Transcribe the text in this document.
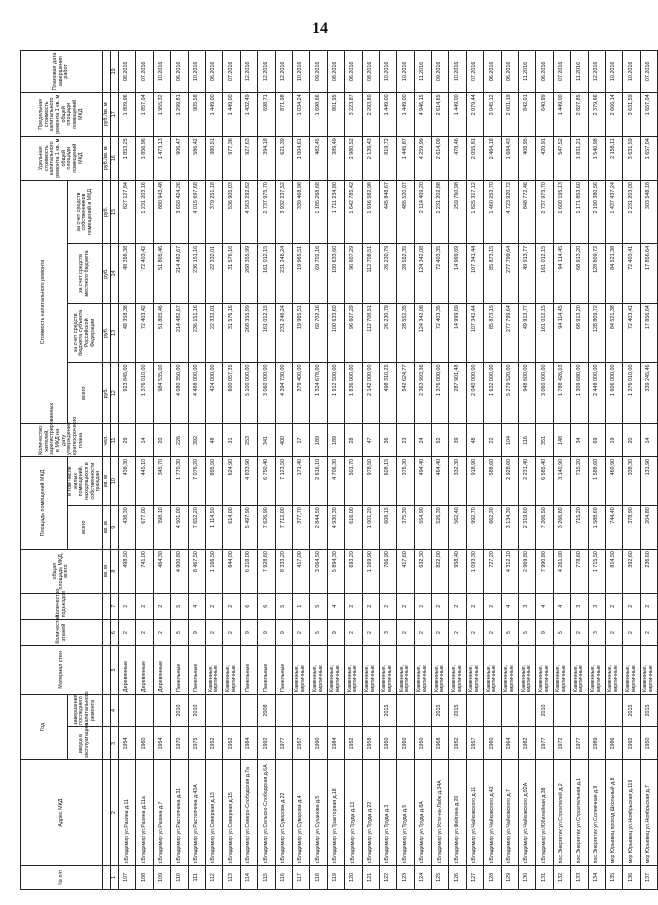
14
№ п/п	Адрес МКД	Год		Материал стен	Количество этажей	Количество подъездов	общая площадь МКД, всего	Площадь помещений МКД		Количество жителей, зарегистрированных в МКД на дату утверждения краткосрочного плана	Стоимость капитального ремонта				Удельная стоимость капитального ремонта 1 кв. м общей площади помещений МКД	Предельная стоимость капитального ремонта 1 кв. м общей площади помещений МКД	Плановая дата завершения работ
		ввода в эксплуатацию	завершения последнего капитального ремонта					всего	в том числе жилых помещений, находящихся в собственности граждан		всего	за счет средств бюджета субъекта Российской Федерации	за счет средств местного бюджета	за счет средств собственников помещений в МКД			
							кв. м	кв. м	кв. м	чел.	руб.	руб.	руб.	руб.	руб./кв. м	руб./кв. м	
1	2	3	4	5	6	7	8	9	10	11	12	13	14	15	16	17	19
107	г.Владимир ул.Разина д.11	1954		Деревянные	2	2	498,50	438,30	438,30	29	923 845,00	48 358,38	48 358,38	827 127,84	1 853,25	1 809,96	08.2016
108	г.Владимир ул.Разина д.11а	1960		Деревянные	2	2	741,00	677,00	445,10	14	1 376 010,00	72 403,42	72 403,42	1 231 203,16	1 856,96	1 857,04	07.2016
109	г.Владимир ул.Разина д.7	1954		Деревянные	2	2	464,30	398,10	345,70	20	984 535,00	51 805,46	51 805,46	880 943,48	1 473,13	1 955,32	10.2016
110	г.Владимир ул.Растопчина д.31	1970	2010	Панельные	5	5	4 900,80	4 501,00	1 770,30	226	4 080 350,00	214 482,67	214 482,67	3 650 424,26	906,47	1 299,81	06.2016
111	г.Владимир ул.Растопчина д.43А	1975	2010	Панельные	9	4	8 467,50	7 652,20	7 076,20	392	4 488 000,00	236 151,16	236 151,16	4 015 697,68	586,42	905,58	10.2016
112	г.Владимир ул.Северная д.13	1952		Каменные, кирпичные	2	2	1 166,50	1 114,50	895,50	48	424 000,00	22 332,01	22 332,01	379 251,18	380,51	1 449,00	06.2016
113	г.Владимир ул.Северная д.15	1952		Каменные, кирпичные	2	2	644,00	614,00	624,90	31	600 057,35	31 576,16	31 576,16	536 905,03	977,36	1 449,00	07.2016
114	г.Владимир ул.Северо-Слободская д.7а	1984		Панельные	9	6	6 218,00	5 497,90	4 833,90	253	5 100 000,00	268 355,99	268 355,99	4 563 292,82	927,63	1 432,49	12.2016
115	г.Владимир ул.Сельско-Слободская д.6А	1992	2008	Панельные	9	6	7 928,60	7 626,90	6 750,40	341	3 060 000,00	161 012,15	161 012,15	2 737 975,70	394,18	698,71	12.2016
116	г.Владимир ул.Суворова д.22	1977		Панельные	9	5	8 333,20	7 712,00	7 123,50	400	4 394 730,00	231 246,24	231 246,24	3 932 237,52	621,39	871,98	12.2016
117	г.Владимир ул.Суворова д.4	1957		Каменные, кирпичные	2	1	417,00	377,70	171,40	17	379 400,00	19 965,51	19 965,51	339 468,98	1 004,61	1 034,24	10.2016
118	г.Владимир ул.Суханова д.5	1990		Каменные, кирпичные	5	5	3 064,50	2 844,50	2 616,10	189	1 324 678,00	69 702,16	69 702,16	1 185 268,68	482,45	1 698,66	09.2016
119	г.Владимир ул.Тракторная д.18	1984		Каменные, кирпичные	9	4	5 894,30	4 930,30	4 706,30	189	1 912 500,00	100 633,60	100 633,60	1 711 234,80	389,49	801,95	08.2016
120	г.Владимир ул.Труда д.13	1952		Каменные, кирпичные	2	2	693,20	616,00	501,70	28	1 836 000,00	96 607,29	96 607,29	1 642 785,42	2 980,52	3 223,87	06.2016
121	г.Владимир ул.Труда д.22	1958		Каменные, кирпичные	2	2	1 169,90	1 001,20	978,50	47	2 142 000,00	112 708,51	112 708,51	1 916 582,98	2 139,43	2 293,80	08.2016
122	г.Владимир ул.Труда д.3	1950	2015	Каменные, кирпичные	3	2	766,90	608,15	608,15	36	498 310,25	26 230,79	26 230,79	445 848,67	819,72	1 449,00	10.2016
123	г.Владимир ул.Труда д.5	1950		Каменные, кирпичные	2	2	417,60	375,30	375,30	23	542 624,77	28 552,35	28 552,35	485 520,07	1 445,87	1 449,00	10.2016
124	г.Владимир ул.Труда д.8А	1950		Каменные, кирпичные	2	2	632,30	554,90	494,40	24	2 363 993,36	124 342,08	124 342,08	2 114 409,20	4 259,99	4 946,15	11.2016
125	г.Владимир ул.Усти-на-Лабе д.34А	1968	2015	Каменные, кирпичные	2	2	822,00	526,30	464,40	52	1 376 000,00	72 403,35	72 403,35	1 231 202,88	2 614,09	2 614,65	09.2016
126	г.Владимир ул.Фейгина д.20	1952	2015	Каменные, кирпичные	2	2	958,40	562,40	332,30	39	287 901,48	14 999,69	14 999,69	259 760,98	478,46	1 449,00	10.2016
127	г.Владимир ул.Чайковского д.11	1957		Каменные, кирпичные	2	2	1 093,30	992,70	918,90	48	2 040 000,00	107 341,44	107 341,44	1 825 317,12	2 055,81	2 079,44	07.2016
128	г.Владимир ул.Чайковского д.42	1960		Каменные, кирпичные	2	2	727,20	662,30	588,60	22	1 632 000,00	85 873,15	85 873,15	1 460 253,70	2 464,18	3 045,12	06.2016
129	г.Владимир ул.Чайковского д.7	1964		Каменные, кирпичные	5	4	4 312,10	3 134,30	2 928,60	104	5 279 520,00	277 799,64	277 799,64	4 723 920,72	1 684,43	2 601,19	06.2016
130	г.Владимир ул.Чайковского д.92А	1982		Каменные, кирпичные	5	3	2 969,80	2 319,60	2 231,40	116	948 600,00	49 913,77	49 913,77	848 772,46	408,95	842,01	11.2016
131	г.Владимир ул.Юбилейная д.38	1977	2010	Каменные, кирпичные	9	4	7 990,80	7 266,50	6 585,40	351	3 060 000,00	161 012,15	161 012,15	2 737 975,70	420,91	640,99	06.2016
132	пос.Энергетик ул.Строителей д.2	1972		Каменные, кирпичные	5	4	4 261,00	3 266,80	3 140,90	148	1 788 426,03	94 114,45	94 114,45	1 600 195,13	547,52	1 449,00	07.2016
133	пос.Энергетик ул.Строительная д.1	1977		Каменные, кирпичные	2	3	778,60	715,20	715,20	34	1 309 680,00	68 913,20	68 913,20	1 171 853,60	1 831,21	2 827,85	11.2016
134	пос.Энергетик ул.Солнечная д.9	1989		Каменные, кирпичные	3	3	1 715,50	1 588,60	1 588,60	69	2 448 000,00	128 809,72	128 809,72	2 190 380,56	1 540,98	2 379,66	12.2016
135	мкр Юрьевец проезд Школьный д.8	1986		Каменные, кирпичные	2	2	814,50	744,40	460,90	19	1 606 000,00	84 521,38	84 521,38	1 437 437,24	2 158,11	2 666,14	10.2016
136	мкр Юрьевец ул.Ноябрьская д.119	1992	2015	Каменные, кирпичные	2	2	392,60	378,90	338,30	20	1 376 010,00	72 403,41	72 403,41	1 231 203,00	3 631,59	3 631,59	10.2016
137	мкр Юрьевец ул.Ноябрьская д.7	1950	2015	Каменные, кирпичные	2	2	236,60	204,80	131,90	14	339 245,46	17 856,64	17 856,64	303 548,18	1 657,04	1 657,04	07.2016
